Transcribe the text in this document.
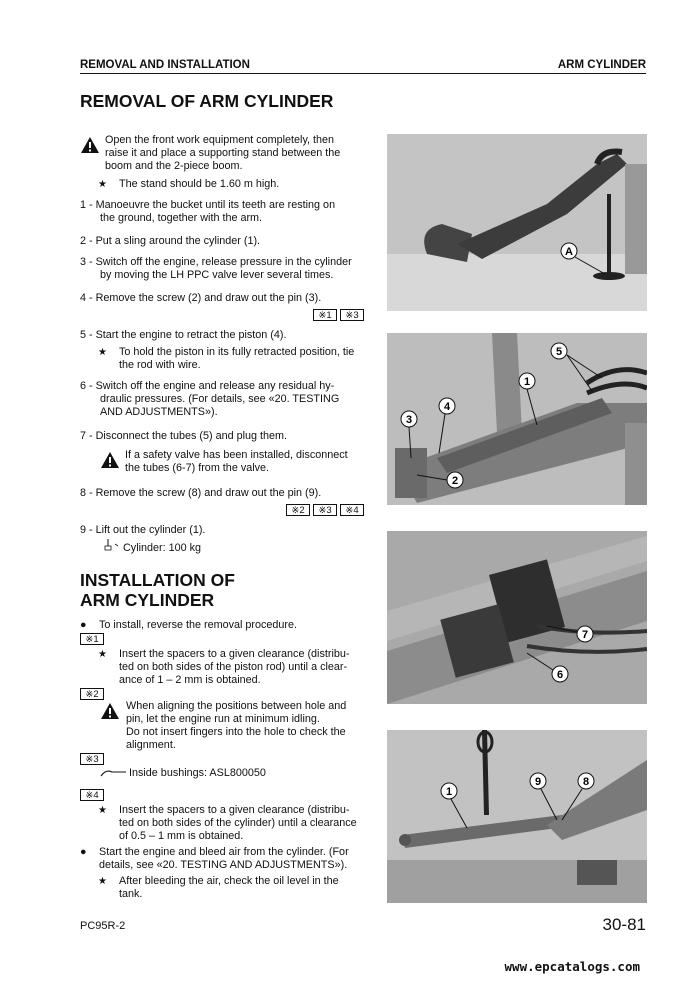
REMOVAL AND INSTALLATION	ARM CYLINDER
REMOVAL OF ARM CYLINDER
Open the front work equipment completely, then
raise it and place a supporting stand between the
boom and the 2-piece boom.
★ The stand should be 1.60 m high.
1 - Manoeuvre the bucket until its teeth are resting on
the ground, together with the arm.
2 - Put a sling around the cylinder (1).
3 - Switch off the engine, release pressure in the cylinder
by moving the LH PPC valve lever several times.
4 - Remove the screw (2) and draw out the pin (3).
※1	※3
5 - Start the engine to retract the piston (4).
★ To hold the piston in its fully retracted position, tie
the rod with wire.
6 - Switch off the engine and release any residual hy-
draulic pressures. (For details, see «20. TESTING
AND ADJUSTMENTS»).
7 - Disconnect the tubes (5) and plug them.
If a safety valve has been installed, disconnect
the tubes (6-7) from the valve.
8 - Remove the screw (8) and draw out the pin (9).
※2	※3	※4
9 - Lift out the cylinder (1).
Cylinder: 100 kg
INSTALLATION OF
ARM CYLINDER
● To install, reverse the removal procedure.
※1
★ Insert the spacers to a given clearance (distribu-
ted on both sides of the piston rod) until a clear-
ance of 1 – 2 mm is obtained.
※2
When aligning the positions between hole and
pin, let the engine run at minimum idling.
Do not insert fingers into the hole to check the
alignment.
※3
Inside bushings: ASL800050
※4
★ Insert the spacers to a given clearance (distribu-
ted on both sides of the cylinder) until a clearance
of 0.5 – 1 mm is obtained.
● Start the engine and bleed air from the cylinder. (For
details, see «20. TESTING AND ADJUSTMENTS»).
★ After bleeding the air, check the oil level in the
tank.
A
5
1
4
3
2
7
6
1
9	8
PC95R-2	30-81
www.epcatalogs.com
